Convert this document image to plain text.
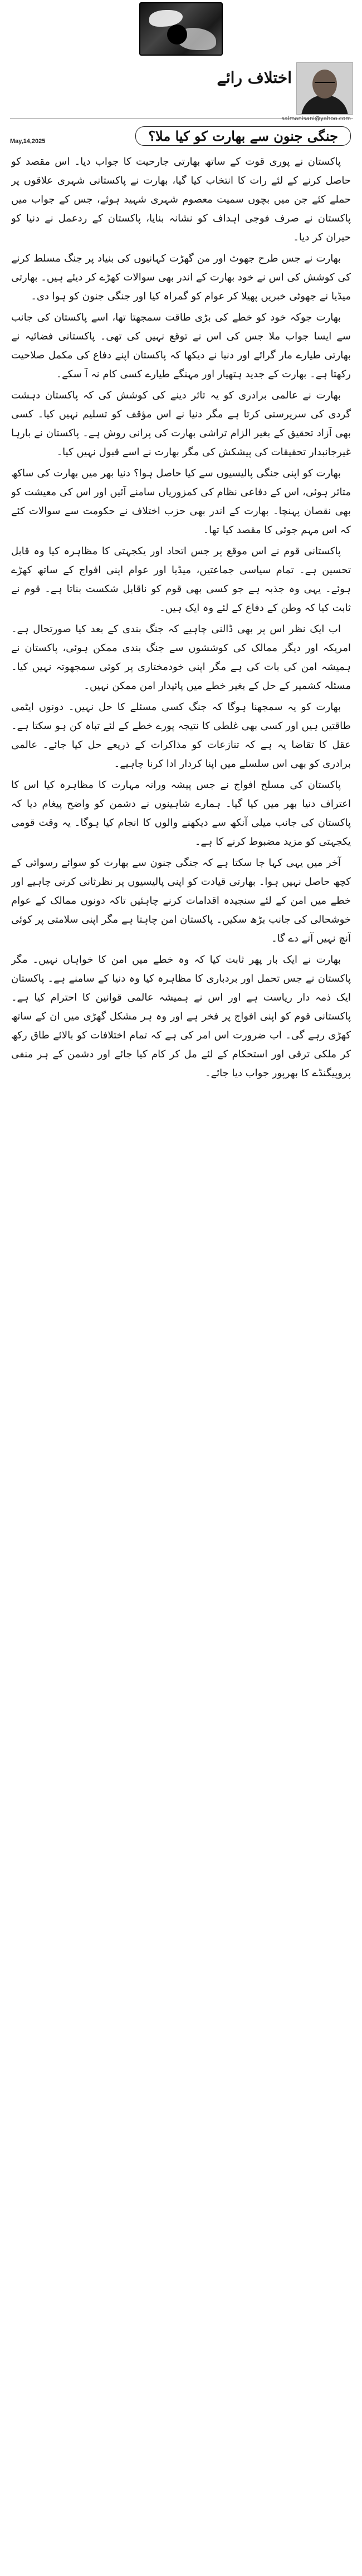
اختلاف رائے
salmanisani@yahoo.com
جنگی جنون سے بھارت کو کیا ملا؟
May,14,2025

پاکستان نے پوری قوت کے ساتھ بھارتی جارحیت کا جواب دیا۔ اس مقصد کو حاصل کرنے کے لئے رات کا انتخاب کیا گیا، بھارت نے پاکستانی شہری علاقوں پر حملے کئے جن میں بچوں سمیت معصوم شہری شہید ہوئے، جس کے جواب میں پاکستان نے صرف فوجی اہداف کو نشانہ بنایا، پاکستان کے ردعمل نے دنیا کو حیران کر دیا۔

بھارت نے جس طرح جھوٹ اور من گھڑت کہانیوں کی بنیاد پر جنگ مسلط کرنے کی کوشش کی اس نے خود بھارت کے اندر بھی سوالات کھڑے کر دیئے ہیں۔ بھارتی میڈیا نے جھوٹی خبریں پھیلا کر عوام کو گمراہ کیا اور جنگی جنون کو ہوا دی۔

بھارت جوکہ خود کو خطے کی بڑی طاقت سمجھتا تھا، اسے پاکستان کی جانب سے ایسا جواب ملا جس کی اس نے توقع نہیں کی تھی۔ پاکستانی فضائیہ نے بھارتی طیارے مار گرائے اور دنیا نے دیکھا کہ پاکستان اپنے دفاع کی مکمل صلاحیت رکھتا ہے۔ بھارت کے جدید ہتھیار اور مہنگے طیارے کسی کام نہ آ سکے۔

بھارت نے عالمی برادری کو یہ تاثر دینے کی کوشش کی کہ پاکستان دہشت گردی کی سرپرستی کرتا ہے مگر دنیا نے اس مؤقف کو تسلیم نہیں کیا۔ کسی بھی آزاد تحقیق کے بغیر الزام تراشی بھارت کی پرانی روش ہے۔ پاکستان نے بارہا غیرجانبدار تحقیقات کی پیشکش کی مگر بھارت نے اسے قبول نہیں کیا۔

بھارت کو اپنی جنگی پالیسیوں سے کیا حاصل ہوا؟ دنیا بھر میں بھارت کی ساکھ متاثر ہوئی، اس کے دفاعی نظام کی کمزوریاں سامنے آئیں اور اس کی معیشت کو بھی نقصان پہنچا۔ بھارت کے اندر بھی حزب اختلاف نے حکومت سے سوالات کئے کہ اس مہم جوئی کا مقصد کیا تھا۔

پاکستانی قوم نے اس موقع پر جس اتحاد اور یکجہتی کا مظاہرہ کیا وہ قابل تحسین ہے۔ تمام سیاسی جماعتیں، میڈیا اور عوام اپنی افواج کے ساتھ کھڑے ہوئے۔ یہی وہ جذبہ ہے جو کسی بھی قوم کو ناقابل شکست بناتا ہے۔ قوم نے ثابت کیا کہ وطن کے دفاع کے لئے وہ ایک ہیں۔

اب ایک نظر اس پر بھی ڈالنی چاہیے کہ جنگ بندی کے بعد کیا صورتحال ہے۔ امریکہ اور دیگر ممالک کی کوششوں سے جنگ بندی ممکن ہوئی، پاکستان نے ہمیشہ امن کی بات کی ہے مگر اپنی خودمختاری پر کوئی سمجھوتہ نہیں کیا۔ مسئلہ کشمیر کے حل کے بغیر خطے میں پائیدار امن ممکن نہیں۔

بھارت کو یہ سمجھنا ہوگا کہ جنگ کسی مسئلے کا حل نہیں۔ دونوں ایٹمی طاقتیں ہیں اور کسی بھی غلطی کا نتیجہ پورے خطے کے لئے تباہ کن ہو سکتا ہے۔ عقل کا تقاضا یہ ہے کہ تنازعات کو مذاکرات کے ذریعے حل کیا جائے۔ عالمی برادری کو بھی اس سلسلے میں اپنا کردار ادا کرنا چاہیے۔

پاکستان کی مسلح افواج نے جس پیشہ ورانہ مہارت کا مظاہرہ کیا اس کا اعتراف دنیا بھر میں کیا گیا۔ ہمارے شاہینوں نے دشمن کو واضح پیغام دیا کہ پاکستان کی جانب میلی آنکھ سے دیکھنے والوں کا انجام کیا ہوگا۔ یہ وقت قومی یکجہتی کو مزید مضبوط کرنے کا ہے۔

آخر میں یہی کہا جا سکتا ہے کہ جنگی جنون سے بھارت کو سوائے رسوائی کے کچھ حاصل نہیں ہوا۔ بھارتی قیادت کو اپنی پالیسیوں پر نظرثانی کرنی چاہیے اور خطے میں امن کے لئے سنجیدہ اقدامات کرنے چاہئیں تاکہ دونوں ممالک کے عوام خوشحالی کی جانب بڑھ سکیں۔ پاکستان امن چاہتا ہے مگر اپنی سلامتی پر کوئی آنچ نہیں آنے دے گا۔

بھارت نے ایک بار پھر ثابت کیا کہ وہ خطے میں امن کا خواہاں نہیں۔ مگر پاکستان نے جس تحمل اور بردباری کا مظاہرہ کیا وہ دنیا کے سامنے ہے۔ پاکستان ایک ذمہ دار ریاست ہے اور اس نے ہمیشہ عالمی قوانین کا احترام کیا ہے۔ پاکستانی قوم کو اپنی افواج پر فخر ہے اور وہ ہر مشکل گھڑی میں ان کے ساتھ کھڑی رہے گی۔ اب ضرورت اس امر کی ہے کہ تمام اختلافات کو بالائے طاق رکھ کر ملکی ترقی اور استحکام کے لئے مل کر کام کیا جائے اور دشمن کے ہر منفی پروپیگنڈے کا بھرپور جواب دیا جائے۔
